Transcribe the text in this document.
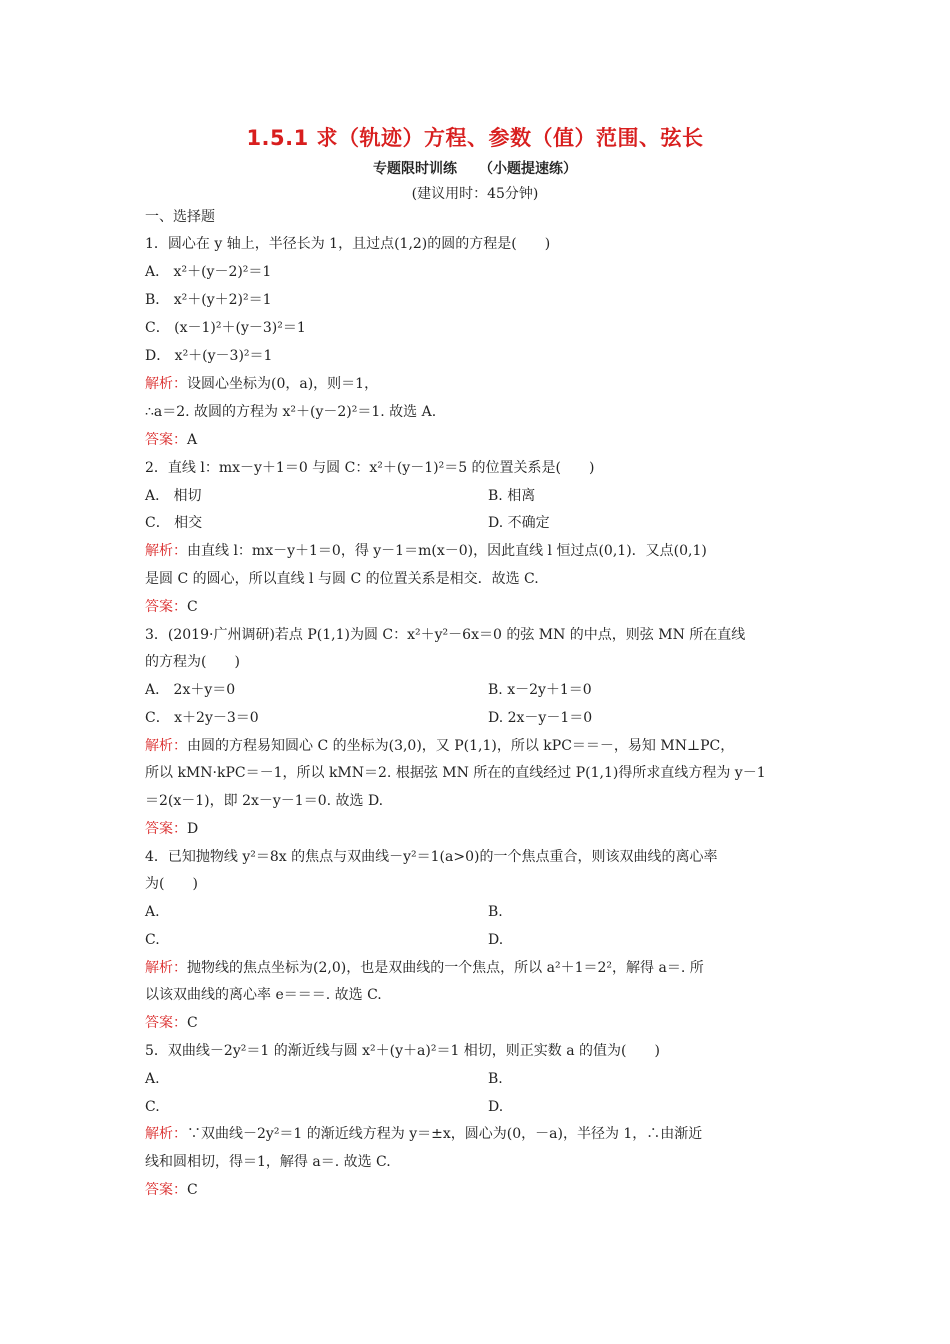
1.5.1 求（轨迹）方程、参数（值）范围、弦长
专题限时训练 （小题提速练）
(建议用时：45分钟)
一、选择题
1．圆心在 y 轴上，半径长为 1，且过点(1,2)的圆的方程是(　　)
A． x²＋(y－2)²＝1
B． x²＋(y＋2)²＝1
C． (x－1)²＋(y－3)²＝1
D． x²＋(y－3)²＝1
解析：设圆心坐标为(0，a)，则＝1，
∴a＝2. 故圆的方程为 x²＋(y－2)²＝1. 故选 A.
答案：A
2．直线 l：mx－y＋1＝0 与圆 C：x²＋(y－1)²＝5 的位置关系是(　　)
A． 相切	B. 相离
C． 相交	D. 不确定
解析：由直线 l：mx－y＋1＝0，得 y－1＝m(x－0)，因此直线 l 恒过点(0,1)．又点(0,1)
是圆 C 的圆心，所以直线 l 与圆 C 的位置关系是相交．故选 C.
答案：C
3．(2019·广州调研)若点 P(1,1)为圆 C：x²＋y²－6x＝0 的弦 MN 的中点，则弦 MN 所在直线
的方程为(　　)
A． 2x＋y＝0	B. x－2y＋1＝0
C． x＋2y－3＝0	D. 2x－y－1＝0
解析：由圆的方程易知圆心 C 的坐标为(3,0)，又 P(1,1)，所以 kPC＝＝－，易知 MN⊥PC，
所以 kMN·kPC＝－1，所以 kMN＝2. 根据弦 MN 所在的直线经过 P(1,1)得所求直线方程为 y－1
＝2(x－1)，即 2x－y－1＝0. 故选 D.
答案：D
4．已知抛物线 y²＝8x 的焦点与双曲线－y²＝1(a>0)的一个焦点重合，则该双曲线的离心率
为(　　)
A.	B.
C.	D.
解析：抛物线的焦点坐标为(2,0)，也是双曲线的一个焦点，所以 a²＋1＝2²，解得 a＝. 所
以该双曲线的离心率 e＝＝＝. 故选 C.
答案：C
5．双曲线－2y²＝1 的渐近线与圆 x²＋(y＋a)²＝1 相切，则正实数 a 的值为(　　)
A.	B.
C.	D.
解析：∵双曲线－2y²＝1 的渐近线方程为 y＝±x，圆心为(0，－a)，半径为 1，∴由渐近
线和圆相切，得＝1，解得 a＝. 故选 C.
答案：C
